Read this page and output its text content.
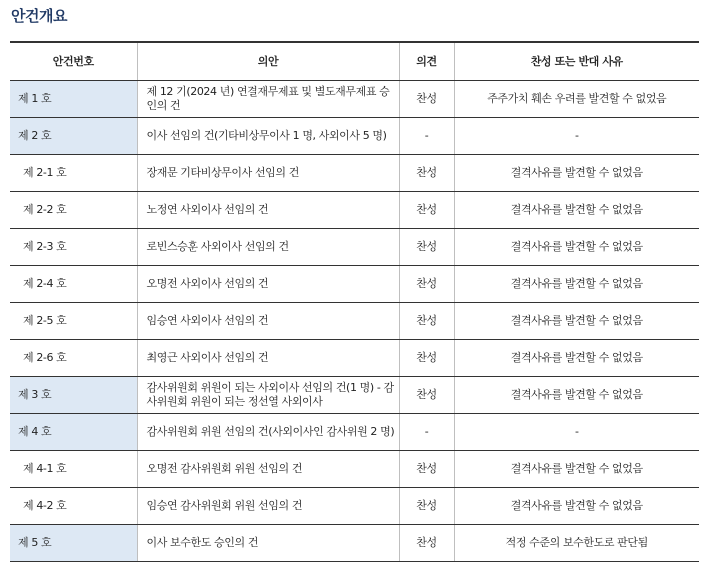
안건개요
안건번호	의안	의견	찬성 또는 반대 사유
제 1 호	제 12 기(2024 년) 연결재무제표 및 별도재무제표 승인의 건	찬성	주주가치 훼손 우려를 발견할 수 없었음
제 2 호	이사 선임의 건(기타비상무이사 1 명, 사외이사 5 명)	-	-
제 2-1 호	장재문 기타비상무이사 선임의 건	찬성	결격사유를 발견할 수 없었음
제 2-2 호	노정연 사외이사 선임의 건	찬성	결격사유를 발견할 수 없었음
제 2-3 호	로빈스승훈 사외이사 선임의 건	찬성	결격사유를 발견할 수 없었음
제 2-4 호	오명전 사외이사 선임의 건	찬성	결격사유를 발견할 수 없었음
제 2-5 호	임승연 사외이사 선임의 건	찬성	결격사유를 발견할 수 없었음
제 2-6 호	최영근 사외이사 선임의 건	찬성	결격사유를 발견할 수 없었음
제 3 호	감사위원회 위원이 되는 사외이사 선임의 건(1 명) - 감사위원회 위원이 되는 정선열 사외이사	찬성	결격사유를 발견할 수 없었음
제 4 호	감사위원회 위원 선임의 건(사외이사인 감사위원 2 명)	-	-
제 4-1 호	오명전 감사위원회 위원 선임의 건	찬성	결격사유를 발견할 수 없었음
제 4-2 호	임승연 감사위원회 위원 선임의 건	찬성	결격사유를 발견할 수 없었음
제 5 호	이사 보수한도 승인의 건	찬성	적정 수준의 보수한도로 판단됨
